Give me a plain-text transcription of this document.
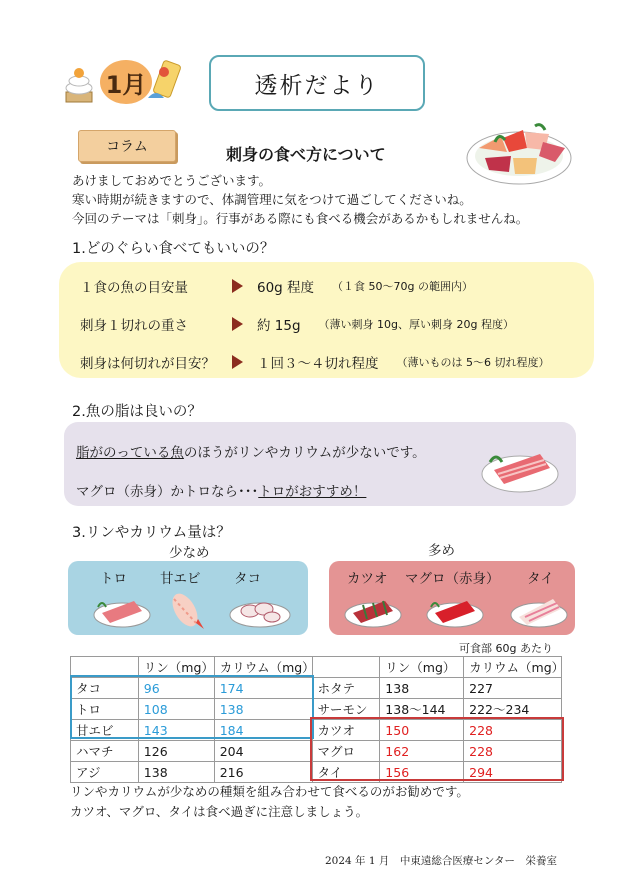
1月	透析だより
コラム	刺身の食べ方について
あけましておめでとうございます。
寒い時期が続きますので、体調管理に気をつけて過ごしてくださいね。
今回のテーマは「刺身」。行事がある際にも食べる機会があるかもしれませんね。
1.どのぐらい食べてもいいの？
１食の魚の目安量	60g 程度 （１食 50～70g の範囲内）
刺身１切れの重さ	約 15g （薄い刺身 10g、厚い刺身 20g 程度）
刺身は何切れが目安？	１回３～４切れ程度 （薄いものは 5～6 切れ程度）
2.魚の脂は良いの？
脂がのっている魚のほうがリンやカリウムが少ないです。
マグロ（赤身）かトロなら･･･トロがおすすめ！
3.リンやカリウム量は？
少なめ	多め
トロ 甘エビ タコ	カツオ マグロ（赤身） タイ
可食部 60g あたり
	リン（mg）	カリウム（mg）		リン（mg）	カリウム（mg）
タコ	96	174	ホタテ	138	227
トロ	108	138	サーモン	138～144	222～234
甘エビ	143	184	カツオ	150	228
ハマチ	126	204	マグロ	162	228
アジ	138	216	タイ	156	294
リンやカリウムが少なめの種類を組み合わせて食べるのがお勧めです。
カツオ、マグロ、タイは食べ過ぎに注意しましょう。
2024 年 1 月　中東遠総合医療センター　栄養室
